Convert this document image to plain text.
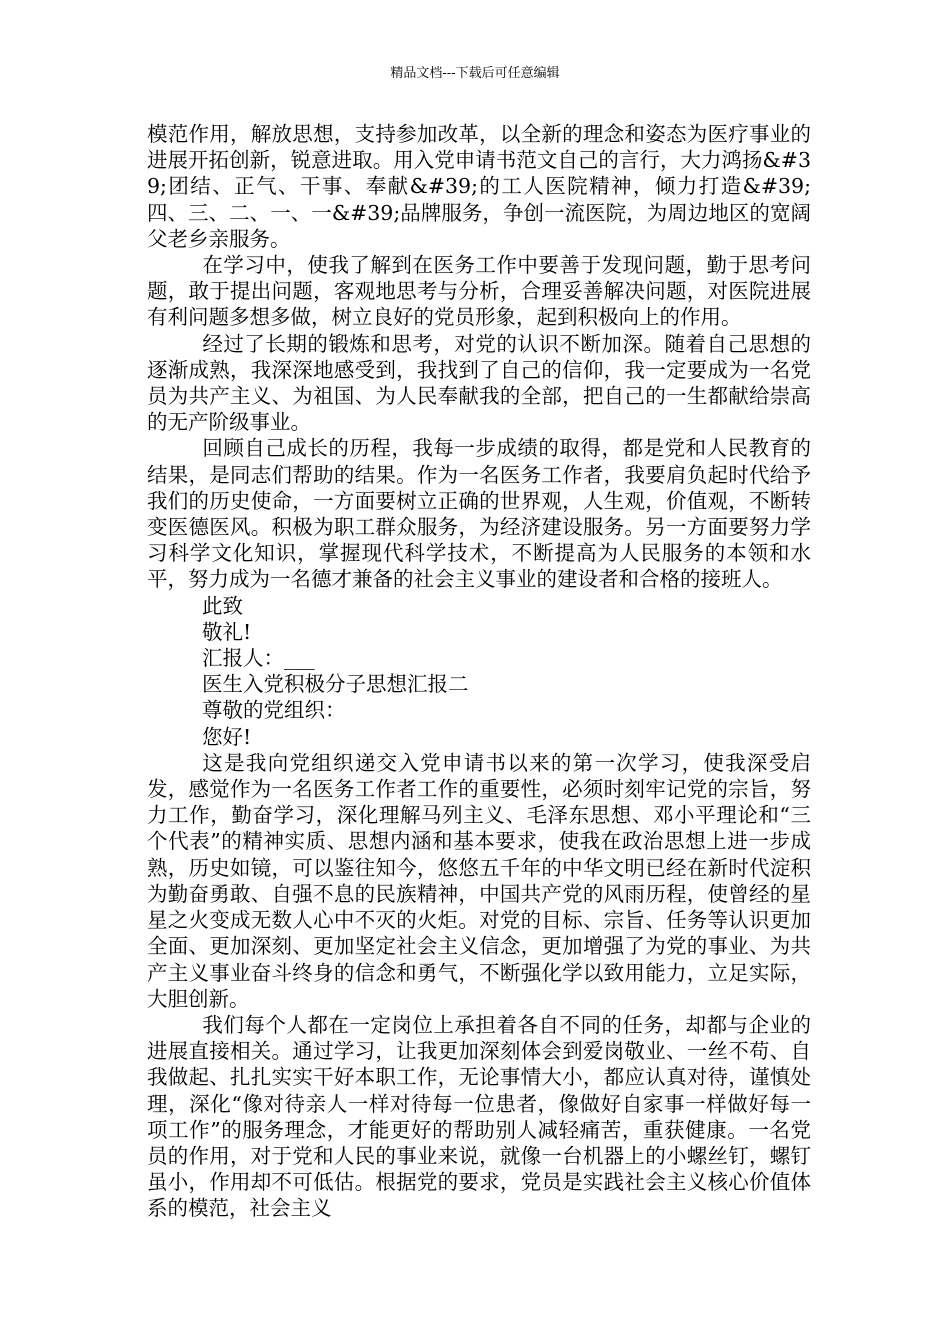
精品文档---下载后可任意编辑

模范作用，解放思想，支持参加改革，以全新的理念和姿态为医疗事业的进展开拓创新，锐意进取。用入党申请书范文自己的言行，大力鸿扬&#39;团结、正气、干事、奉献&#39;的工人医院精神，倾力打造&#39;四、三、二、一、一&#39;品牌服务，争创一流医院，为周边地区的宽阔父老乡亲服务。

在学习中，使我了解到在医务工作中要善于发现问题，勤于思考问题，敢于提出问题，客观地思考与分析，合理妥善解决问题，对医院进展有利问题多想多做，树立良好的党员形象，起到积极向上的作用。

经过了长期的锻炼和思考，对党的认识不断加深。随着自己思想的逐渐成熟，我深深地感受到，我找到了自己的信仰，我一定要成为一名党员为共产主义、为祖国、为人民奉献我的全部，把自己的一生都献给崇高的无产阶级事业。

回顾自己成长的历程，我每一步成绩的取得，都是党和人民教育的结果，是同志们帮助的结果。作为一名医务工作者，我要肩负起时代给予我们的历史使命，一方面要树立正确的世界观，人生观，价值观，不断转变医德医风。积极为职工群众服务，为经济建设服务。另一方面要努力学习科学文化知识，掌握现代科学技术，不断提高为人民服务的本领和水平，努力成为一名德才兼备的社会主义事业的建设者和合格的接班人。

此致

敬礼!

汇报人：___

医生入党积极分子思想汇报二

尊敬的党组织：

您好!

这是我向党组织递交入党申请书以来的第一次学习，使我深受启发，感觉作为一名医务工作者工作的重要性，必须时刻牢记党的宗旨，努力工作，勤奋学习，深化理解马列主义、毛泽东思想、邓小平理论和“三个代表”的精神实质、思想内涵和基本要求，使我在政治思想上进一步成熟，历史如镜，可以鉴往知今，悠悠五千年的中华文明已经在新时代淀积为勤奋勇敢、自强不息的民族精神，中国共产党的风雨历程，使曾经的星星之火变成无数人心中不灭的火炬。对党的目标、宗旨、任务等认识更加全面、更加深刻、更加坚定社会主义信念，更加增强了为党的事业、为共产主义事业奋斗终身的信念和勇气，不断强化学以致用能力，立足实际，大胆创新。

我们每个人都在一定岗位上承担着各自不同的任务，却都与企业的进展直接相关。通过学习，让我更加深刻体会到爱岗敬业、一丝不苟、自我做起、扎扎实实干好本职工作，无论事情大小，都应认真对待，谨慎处理，深化“像对待亲人一样对待每一位患者，像做好自家事一样做好每一项工作”的服务理念，才能更好的帮助别人减轻痛苦，重获健康。一名党员的作用，对于党和人民的事业来说，就像一台机器上的小螺丝钉，螺钉虽小，作用却不可低估。根据党的要求，党员是实践社会主义核心价值体系的模范，社会主义
